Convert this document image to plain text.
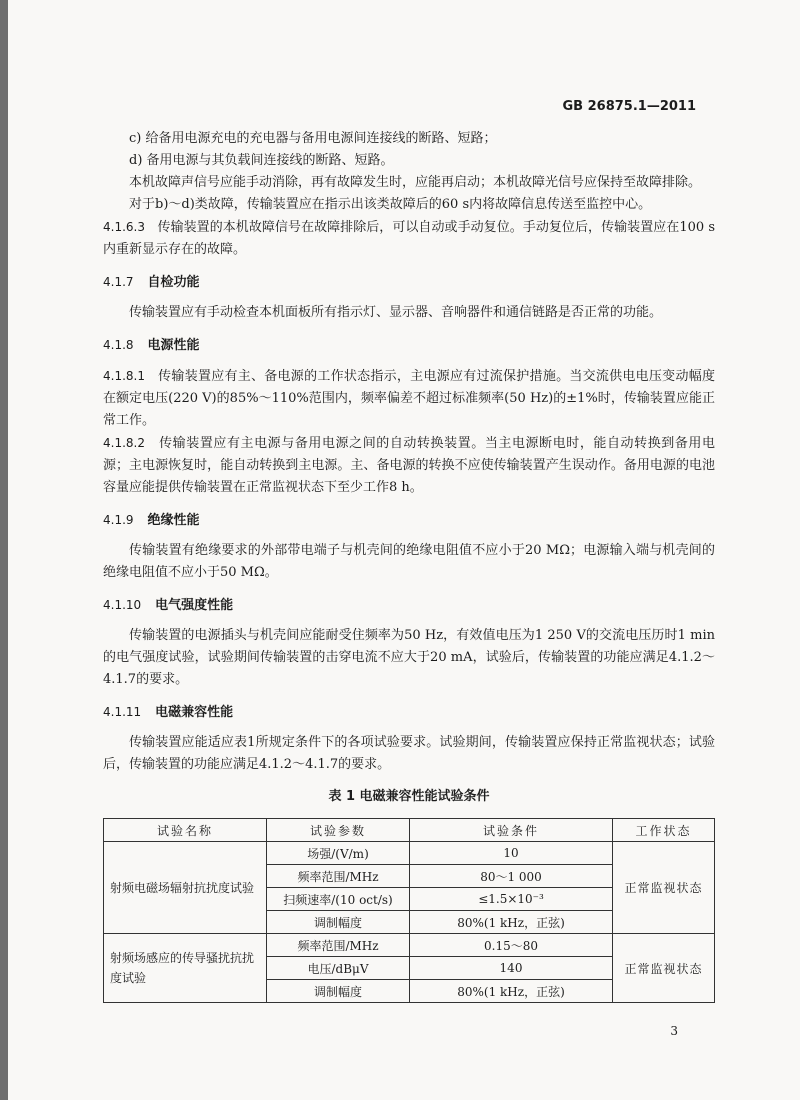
GB 26875.1—2011

c) 给备用电源充电的充电器与备用电源间连接线的断路、短路；

d) 备用电源与其负载间连接线的断路、短路。

本机故障声信号应能手动消除，再有故障发生时，应能再启动；本机故障光信号应保持至故障排除。

对于b)～d)类故障，传输装置应在指示出该类故障后的60 s内将故障信息传送至监控中心。

4.1.6.3 传输装置的本机故障信号在故障排除后，可以自动或手动复位。手动复位后，传输装置应在100 s内重新显示存在的故障。

4.1.7 自检功能

传输装置应有手动检查本机面板所有指示灯、显示器、音响器件和通信链路是否正常的功能。

4.1.8 电源性能

4.1.8.1 传输装置应有主、备电源的工作状态指示，主电源应有过流保护措施。当交流供电电压变动幅度在额定电压(220 V)的85%～110%范围内，频率偏差不超过标准频率(50 Hz)的±1%时，传输装置应能正常工作。

4.1.8.2 传输装置应有主电源与备用电源之间的自动转换装置。当主电源断电时，能自动转换到备用电源；主电源恢复时，能自动转换到主电源。主、备电源的转换不应使传输装置产生误动作。备用电源的电池容量应能提供传输装置在正常监视状态下至少工作8 h。

4.1.9 绝缘性能

传输装置有绝缘要求的外部带电端子与机壳间的绝缘电阻值不应小于20 MΩ；电源输入端与机壳间的绝缘电阻值不应小于50 MΩ。

4.1.10 电气强度性能

传输装置的电源插头与机壳间应能耐受住频率为50 Hz，有效值电压为1 250 V的交流电压历时1 min的电气强度试验，试验期间传输装置的击穿电流不应大于20 mA，试验后，传输装置的功能应满足4.1.2～4.1.7的要求。

4.1.11 电磁兼容性能

传输装置应能适应表1所规定条件下的各项试验要求。试验期间，传输装置应保持正常监视状态；试验后，传输装置的功能应满足4.1.2～4.1.7的要求。

表 1 电磁兼容性能试验条件

试验名称	试验参数	试验条件	工作状态
射频电磁场辐射抗扰度试验	场强/(V/m)	10	正常监视状态
	频率范围/MHz	80～1 000	
	扫频速率/(10 oct/s)	≤1.5×10⁻³	
	调制幅度	80%(1 kHz，正弦)	
射频场感应的传导骚扰抗扰度试验	频率范围/MHz	0.15～80	正常监视状态
	电压/dBμV	140	
	调制幅度	80%(1 kHz，正弦)	
3
